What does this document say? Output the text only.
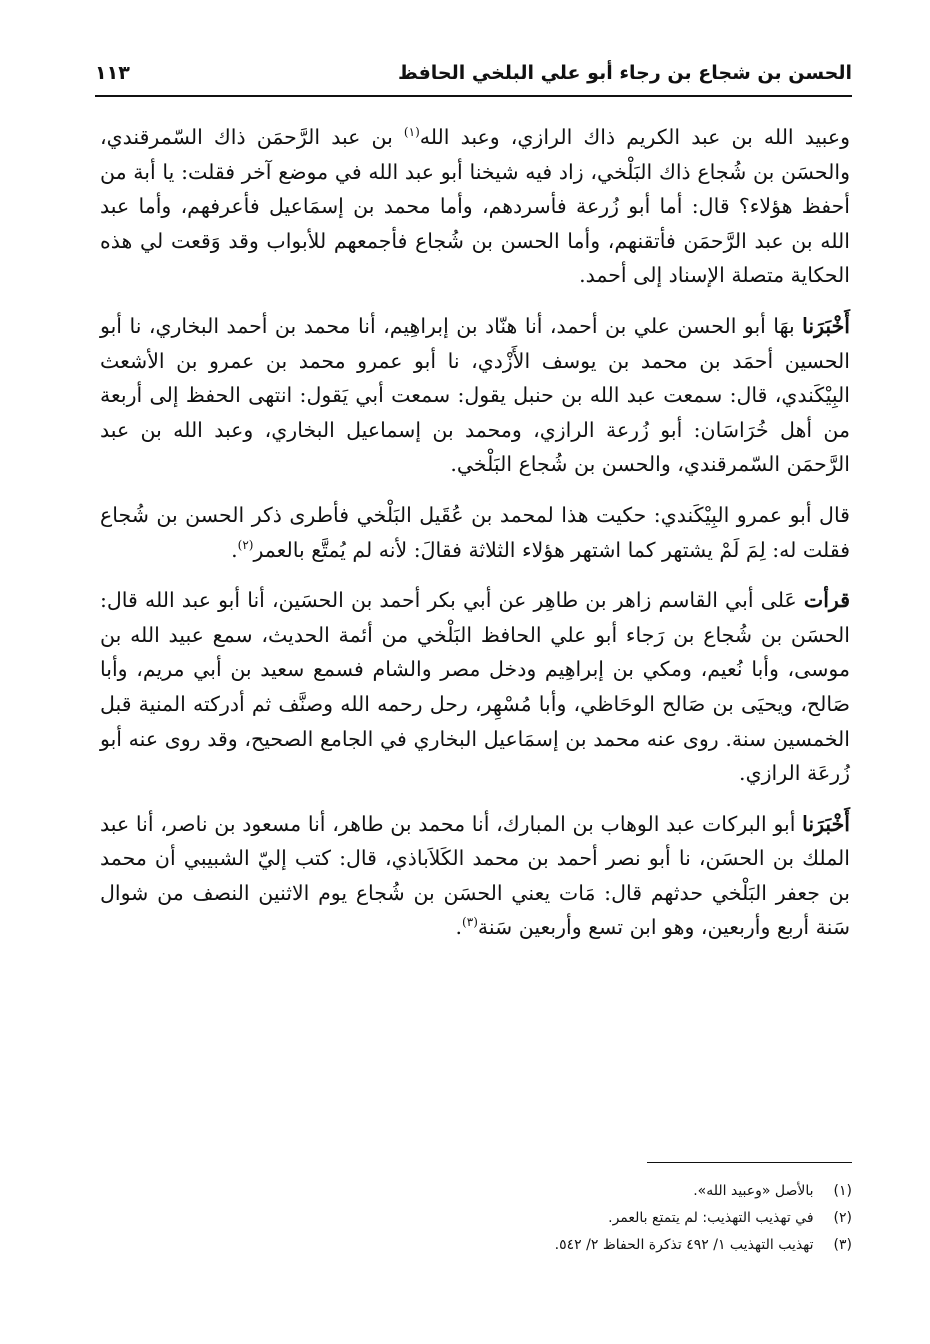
الحسن بن شجاع بن رجاء أبو علي البلخي الحافظ
١١٣

وعبيد الله بن عبد الكريم ذاك الرازي، وعبد الله$^{(١)}$ بن عبد الرَّحمَن ذاك السّمرقندي، والحسَن بن شُجاع ذاك البَلْخي، زاد فيه شيخنا أبو عبد الله في موضع آخر فقلت: يا أبة من أحفظ هؤلاء؟ قال: أما أبو زُرعة فأسردهم، وأما محمد بن إسمَاعيل فأعرفهم، وأما عبد الله بن عبد الرَّحمَن فأتقنهم، وأما الحسن بن شُجاع فأجمعهم للأبواب وقد وَقعت لي هذه الحكاية متصلة الإسناد إلى أحمد.

أَخْبَرَنا بهَا أبو الحسن علي بن أحمد، أنا هنّاد بن إبراهِيم، أنا محمد بن أحمد البخاري، نا أبو الحسين أحمَد بن محمد بن يوسف الأَزْدي، نا أبو عمرو محمد بن عمرو بن الأشعث البِيْكَندي، قال: سمعت عبد الله بن حنبل يقول: سمعت أبي يَقول: انتهى الحفظ إلى أربعة من أهل خُرَاسَان: أبو زُرعة الرازي، ومحمد بن إسماعيل البخاري، وعبد الله بن عبد الرَّحمَن السّمرقندي، والحسن بن شُجاع البَلْخي.

قال أبو عمرو البِيْكَندي: حكيت هذا لمحمد بن عُقَيل البَلْخي فأطرى ذكر الحسن بن شُجاع فقلت له: لِمَ لَمْ يشتهر كما اشتهر هؤلاء الثلاثة فقالَ: لأنه لم يُمتَّع بالعمر$^{(٢)}$.

قرأت عَلى أبي القاسم زاهر بن طاهِر عن أبي بكر أحمد بن الحسَين، أنا أبو عبد الله قال: الحسَن بن شُجاع بن رَجاء أبو علي الحافظ البَلْخي من أئمة الحديث، سمع عبيد الله بن موسى، وأبا نُعيم، ومكي بن إبراهِيم ودخل مصر والشام فسمع سعيد بن أبي مريم، وأبا صَالح، ويحيَى بن صَالح الوحَاظي، وأبا مُسْهِر، رحل رحمه الله وصنَّف ثم أدركته المنية قبل الخمسين سنة. روى عنه محمد بن إسمَاعيل البخاري في الجامع الصحيح، وقد روى عنه أبو زُرعَة الرازي.

أَخْبَرَنا أبو البركات عبد الوهاب بن المبارك، أنا محمد بن طاهر، أنا مسعود بن ناصر، أنا عبد الملك بن الحسَن، نا أبو نصر أحمد بن محمد الكَلاَباذي، قال: كتب إليّ الشبيبي أن محمد بن جعفر البَلْخي حدثهم قال: مَات يعني الحسَن بن شُجاع يوم الاثنين النصف من شوال سَنة أربع وأربعين، وهو ابن تسع وأربعين سَنة$^{(٣)}$.

(١) بالأصل «وعبيد الله».
(٢) في تهذيب التهذيب: لم يتمتع بالعمر.
(٣) تهذيب التهذيب ١/ ٤٩٢ تذكرة الحفاظ ٢/ ٥٤٢.
